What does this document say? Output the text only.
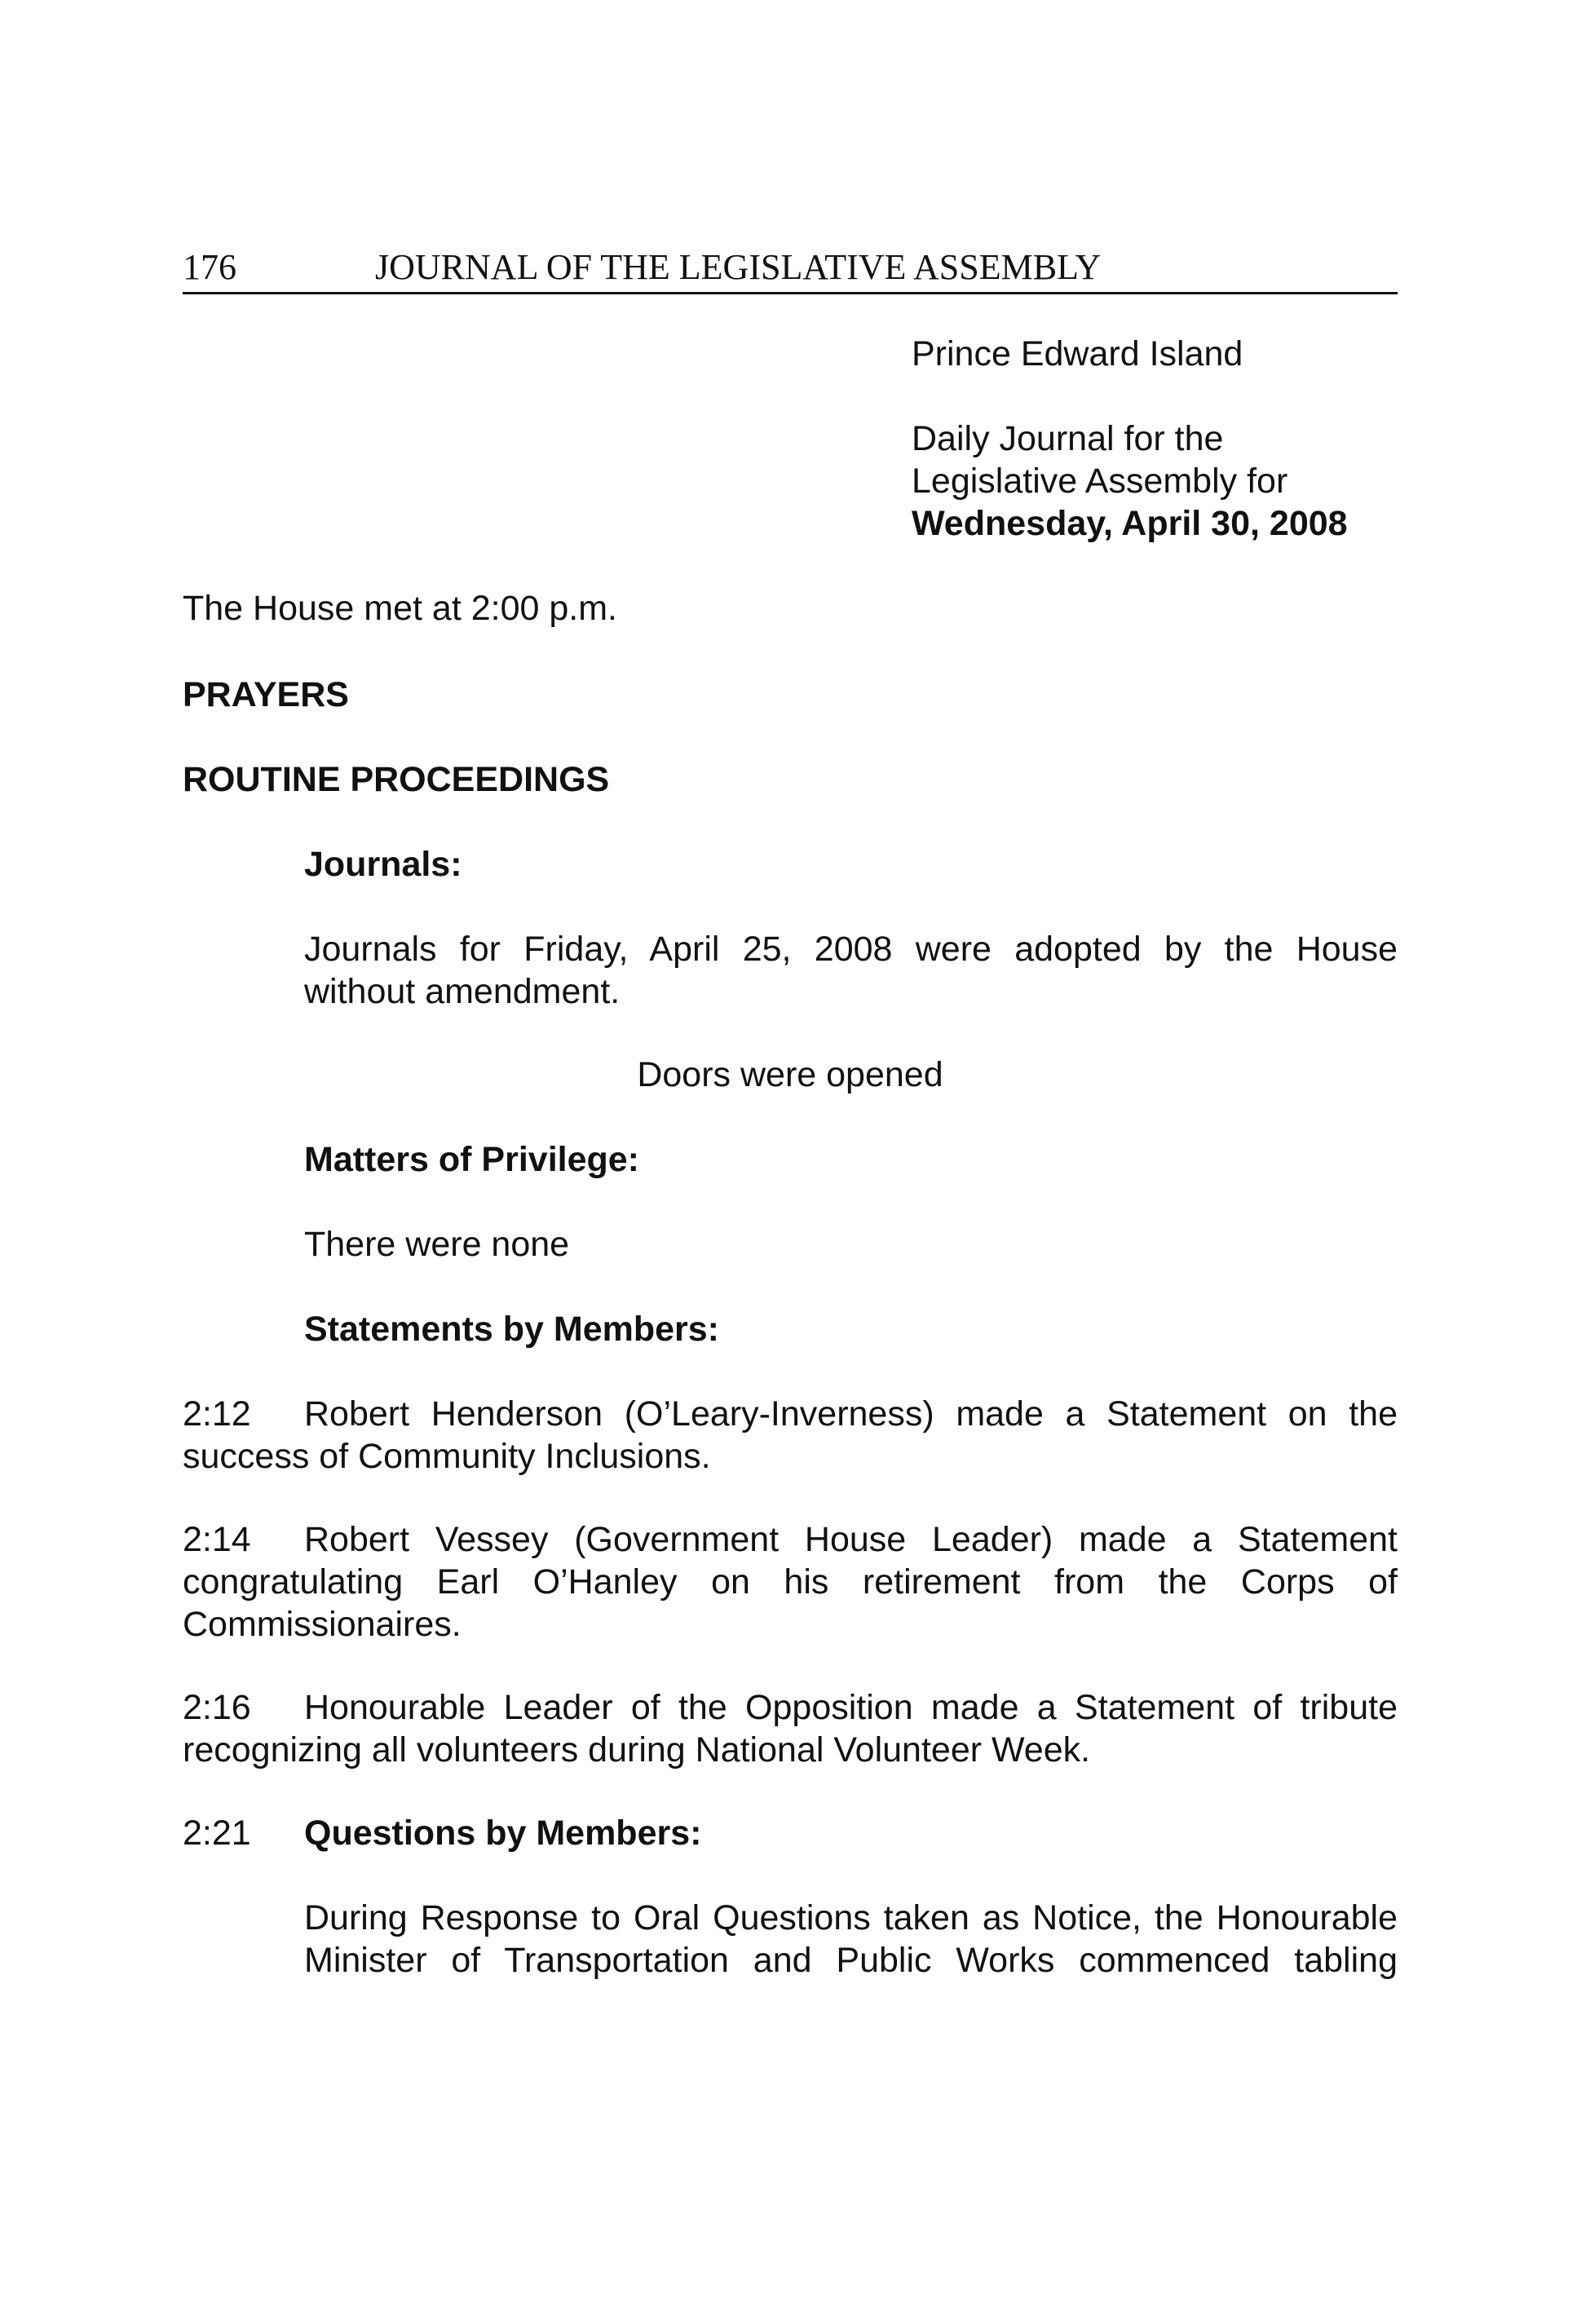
176	JOURNAL OF THE LEGISLATIVE ASSEMBLY
Prince Edward Island
Daily Journal for the
Legislative Assembly for
Wednesday, April 30, 2008
The House met at 2:00 p.m.
PRAYERS
ROUTINE PROCEEDINGS
Journals:
Journals for Friday, April 25, 2008 were adopted by the House
without amendment.
Doors were opened
Matters of Privilege:
There were none
Statements by Members:
2:12 Robert Henderson (O’Leary-Inverness) made a Statement on the
success of Community Inclusions.
2:14 Robert Vessey (Government House Leader) made a Statement
congratulating Earl O’Hanley on his retirement from the Corps of
Commissionaires.
2:16 Honourable Leader of the Opposition made a Statement of tribute
recognizing all volunteers during National Volunteer Week.
2:21 Questions by Members:
During Response to Oral Questions taken as Notice, the Honourable
Minister of Transportation and Public Works commenced tabling
